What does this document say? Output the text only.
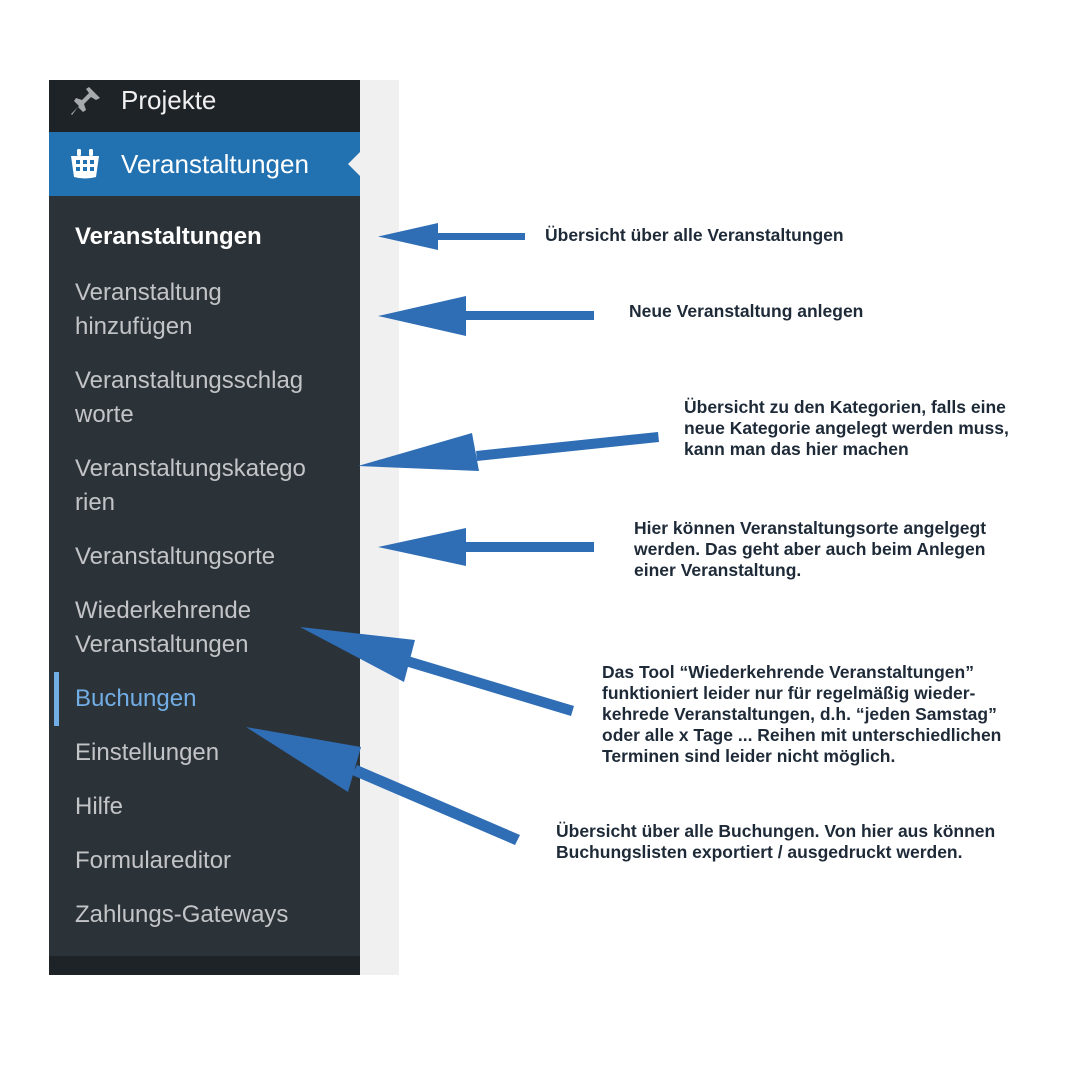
Projekte
Veranstaltungen
Veranstaltungen
Veranstaltung
hinzufügen
Veranstaltungsschlag
worte
Veranstaltungskatego
rien
Veranstaltungsorte
Wiederkehrende
Veranstaltungen
Buchungen
Einstellungen
Hilfe
Formulareditor
Zahlungs-Gateways
Übersicht über alle Veranstaltungen
Neue Veranstaltung anlegen
Übersicht zu den Kategorien, falls eine
neue Kategorie angelegt werden muss,
kann man das hier machen
Hier können Veranstaltungsorte angelgegt
werden. Das geht aber auch beim Anlegen
einer Veranstaltung.
Das Tool “Wiederkehrende Veranstaltungen”
funktioniert leider nur für regelmäßig wieder-
kehrede Veranstaltungen, d.h. “jeden Samstag”
oder alle x Tage ... Reihen mit unterschiedlichen
Terminen sind leider nicht möglich.
Übersicht über alle Buchungen. Von hier aus können
Buchungslisten exportiert / ausgedruckt werden.
